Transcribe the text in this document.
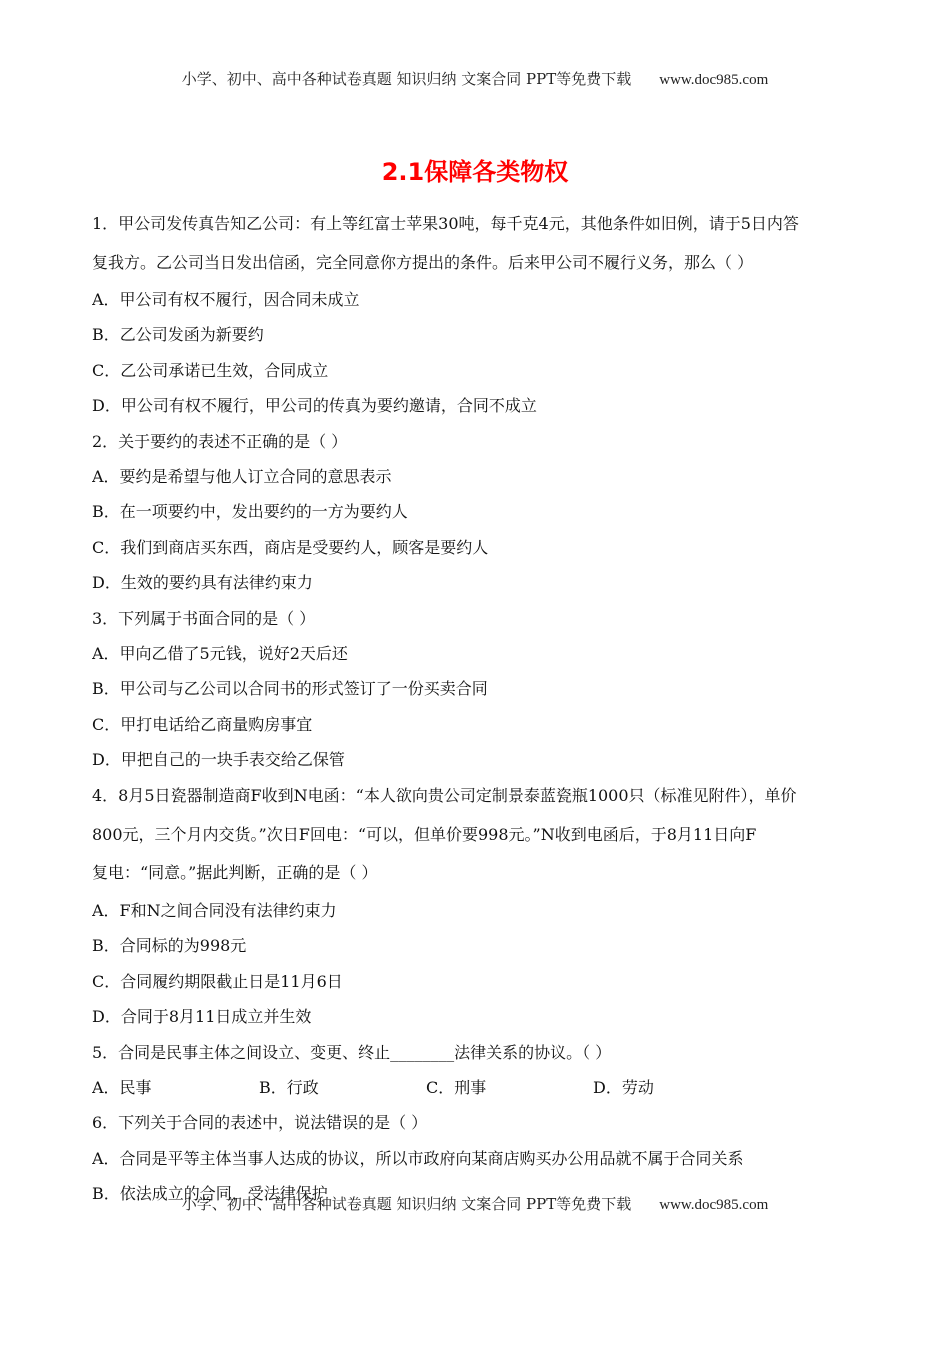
小学、初中、高中各种试卷真题 知识归纳 文案合同 PPT等免费下载 www.doc985.com
2.1保障各类物权
1．甲公司发传真告知乙公司：有上等红富士苹果30吨，每千克4元，其他条件如旧例，请于5日内答
复我方。乙公司当日发出信函，完全同意你方提出的条件。后来甲公司不履行义务，那么（ ）
A．甲公司有权不履行，因合同未成立
B．乙公司发函为新要约
C．乙公司承诺已生效，合同成立
D．甲公司有权不履行，甲公司的传真为要约邀请，合同不成立
2．关于要约的表述不正确的是（ ）
A．要约是希望与他人订立合同的意思表示
B．在一项要约中，发出要约的一方为要约人
C．我们到商店买东西，商店是受要约人，顾客是要约人
D．生效的要约具有法律约束力
3．下列属于书面合同的是（ ）
A．甲向乙借了5元钱，说好2天后还
B．甲公司与乙公司以合同书的形式签订了一份买卖合同
C．甲打电话给乙商量购房事宜
D．甲把自己的一块手表交给乙保管
4．8月5日瓷器制造商F收到N电函：“本人欲向贵公司定制景泰蓝瓷瓶1000只（标准见附件），单价
800元，三个月内交货。”次日F回电：“可以，但单价要998元。”N收到电函后，于8月11日向F
复电：“同意。”据此判断，正确的是（ ）
A．F和N之间合同没有法律约束力
B．合同标的为998元
C．合同履约期限截止日是11月6日
D．合同于8月11日成立并生效
5．合同是民事主体之间设立、变更、终止________法律关系的协议。（ ）
A．民事	B．行政	C．刑事	D．劳动
6．下列关于合同的表述中，说法错误的是（ ）
A．合同是平等主体当事人达成的协议，所以市政府向某商店购买办公用品就不属于合同关系
B．依法成立的合同，受法律保护
小学、初中、高中各种试卷真题 知识归纳 文案合同 PPT等免费下载 www.doc985.com
